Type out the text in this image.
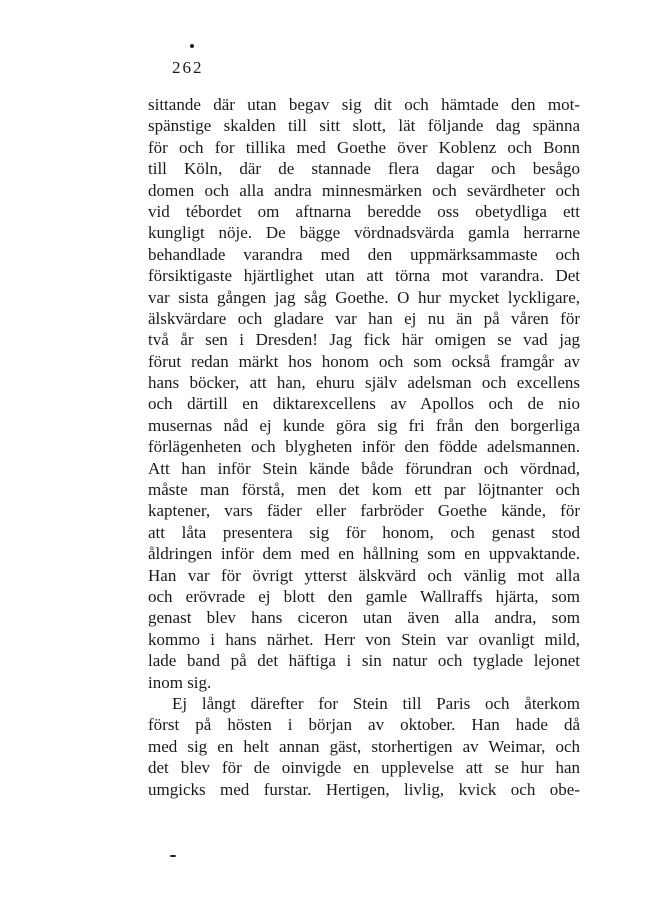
262
sittande där utan begav sig dit och hämtade den mot-
spänstige skalden till sitt slott, lät följande dag spänna
för och for tillika med Goethe över Koblenz och Bonn
till Köln, där de stannade flera dagar och besågo
domen och alla andra minnesmärken och sevärdheter och
vid tébordet om aftnarna beredde oss obetydliga ett
kungligt nöje. De bägge vördnadsvärda gamla herrarne
behandlade varandra med den uppmärksammaste och
försiktigaste hjärtlighet utan att törna mot varandra. Det
var sista gången jag såg Goethe. O hur mycket lyckligare,
älskvärdare och gladare var han ej nu än på våren för
två år sen i Dresden! Jag fick här omigen se vad jag
förut redan märkt hos honom och som också framgår av
hans böcker, att han, ehuru själv adelsman och excellens
och därtill en diktarexcellens av Apollos och de nio
musernas nåd ej kunde göra sig fri från den borgerliga
förlägenheten och blygheten inför den födde adelsmannen.
Att han inför Stein kände både förundran och vördnad,
måste man förstå, men det kom ett par löjtnanter och
kaptener, vars fäder eller farbröder Goethe kände, för
att låta presentera sig för honom, och genast stod
åldringen inför dem med en hållning som en uppvaktande.
Han var för övrigt ytterst älskvärd och vänlig mot alla
och erövrade ej blott den gamle Wallraffs hjärta, som
genast blev hans ciceron utan även alla andra, som
kommo i hans närhet. Herr von Stein var ovanligt mild,
lade band på det häftiga i sin natur och tyglade lejonet
inom sig.
Ej långt därefter for Stein till Paris och återkom
först på hösten i början av oktober. Han hade då
med sig en helt annan gäst, storhertigen av Weimar, och
det blev för de oinvigde en upplevelse att se hur han
umgicks med furstar. Hertigen, livlig, kvick och obe-
